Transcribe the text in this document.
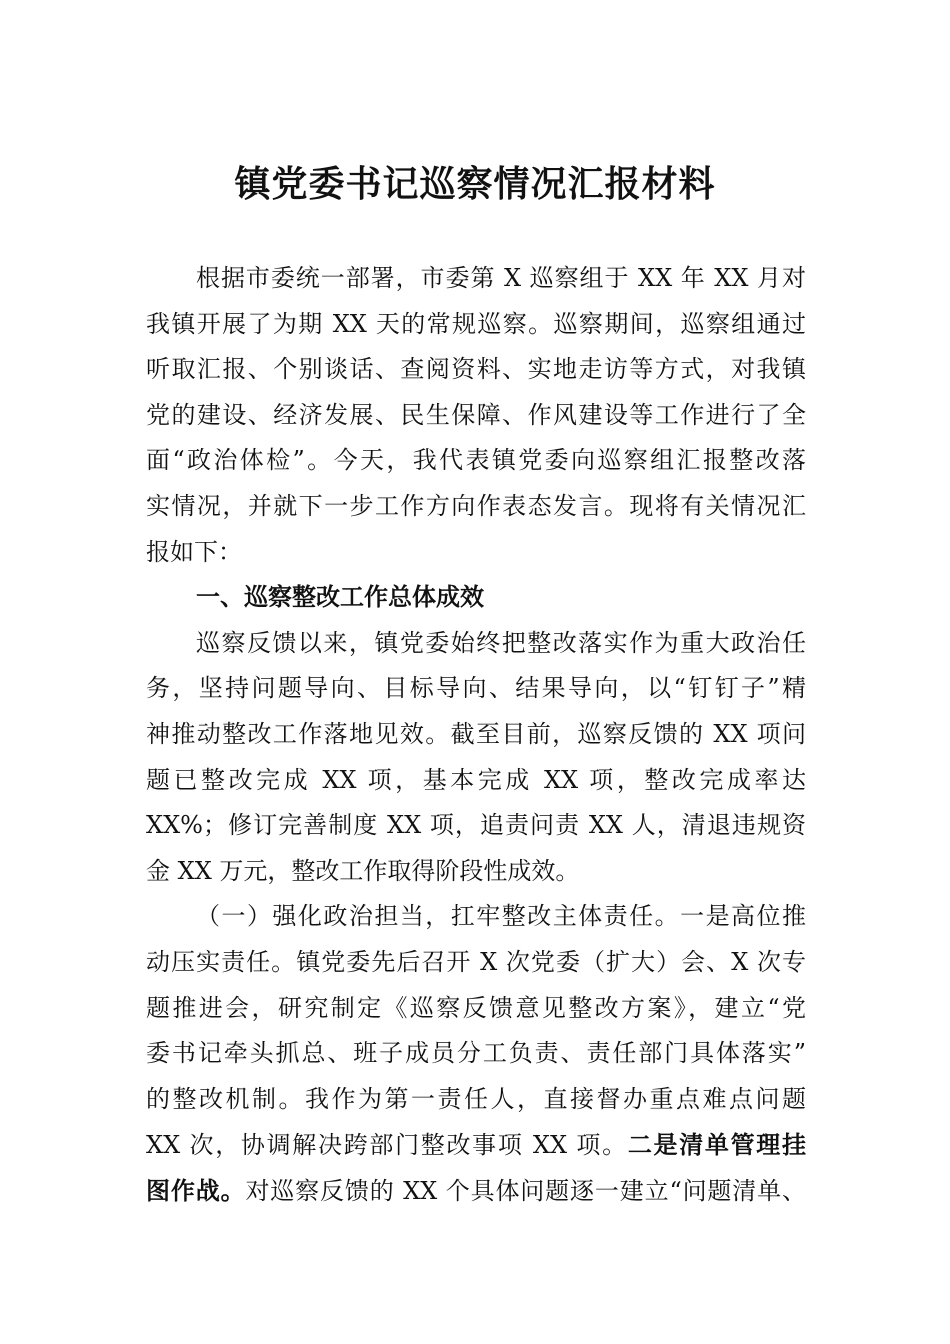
镇党委书记巡察情况汇报材料
根据市委统一部署，市委第 X 巡察组于 XX 年 XX 月对
我镇开展了为期 XX 天的常规巡察。巡察期间，巡察组通过
听取汇报、个别谈话、查阅资料、实地走访等方式，对我镇
党的建设、经济发展、民生保障、作风建设等工作进行了全
面“政治体检”。今天，我代表镇党委向巡察组汇报整改落
实情况，并就下一步工作方向作表态发言。现将有关情况汇
报如下：
一、巡察整改工作总体成效
巡察反馈以来，镇党委始终把整改落实作为重大政治任
务，坚持问题导向、目标导向、结果导向，以“钉钉子”精
神推动整改工作落地见效。截至目前，巡察反馈的 XX 项问
题已整改完成 XX 项，基本完成 XX 项，整改完成率达
XX%；修订完善制度 XX 项，追责问责 XX 人，清退违规资
金 XX 万元，整改工作取得阶段性成效。
（一）强化政治担当，扛牢整改主体责任。一是高位推
动压实责任。镇党委先后召开 X 次党委（扩大）会、X 次专
题推进会，研究制定《巡察反馈意见整改方案》，建立“党
委书记牵头抓总、班子成员分工负责、责任部门具体落实”
的整改机制。我作为第一责任人，直接督办重点难点问题
XX 次，协调解决跨部门整改事项 XX 项。二是清单管理挂
图作战。对巡察反馈的 XX 个具体问题逐一建立“问题清单、
